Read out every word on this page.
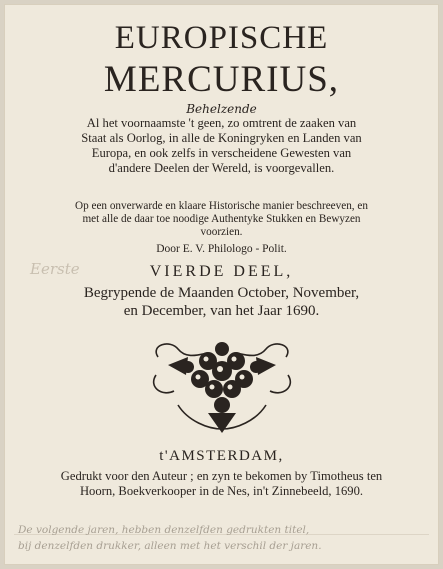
EUROPISCHE
MERCURIUS,
Behelzende
Al het voornaamste 't geen, zo omtrent de zaaken van
Staat als Oorlog, in alle de Koningryken en Landen van
Europa, en ook zelfs in verscheidene Gewesten van
d'andere Deelen der Wereld, is voorgevallen.
Op een onverwarde en klaare Historische manier beschreeven, en
met alle de daar toe noodige Authentyke Stukken en Bewyzen
voorzien.
Door E. V. Philologo - Polit.
Eerste	VIERDE DEEL,
Begrypende de Maanden October, November,
en December, van het Jaar 1690.
t'AMSTERDAM,
Gedrukt voor den Auteur ; en zyn te bekomen by Timotheus ten
Hoorn, Boekverkooper in de Nes, in't Zinnebeeld, 1690.
De volgende jaren, hebben denzelfden gedrukten titel,
bij denzelfden drukker, alleen met het verschil der jaren.
